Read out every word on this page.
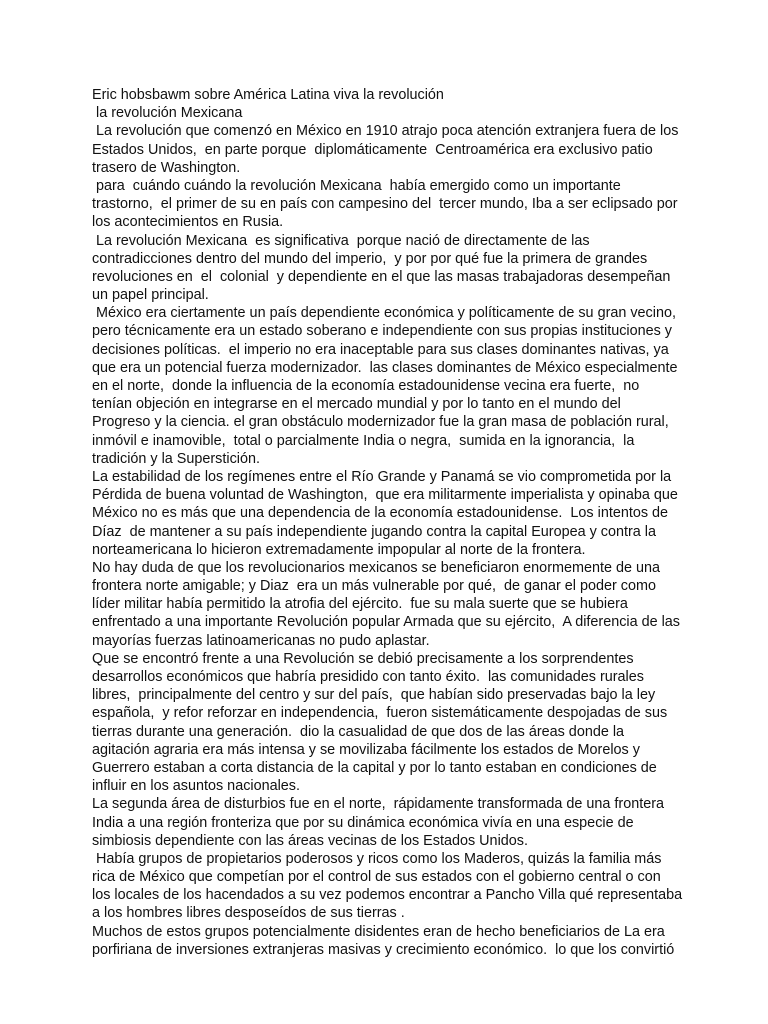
Eric hobsbawm sobre América Latina viva la revolución
la revolución Mexicana
La revolución que comenzó en México en 1910 atrajo poca atención extranjera fuera de los
Estados Unidos,  en parte porque  diplomáticamente  Centroamérica era exclusivo patio
trasero de Washington.
para  cuándo cuándo la revolución Mexicana  había emergido como un importante
trastorno,  el primer de su en país con campesino del  tercer mundo, Iba a ser eclipsado por
los acontecimientos en Rusia.
La revolución Mexicana  es significativa  porque nació de directamente de las
contradicciones dentro del mundo del imperio,  y por por qué fue la primera de grandes
revoluciones en  el  colonial  y dependiente en el que las masas trabajadoras desempeñan
un papel principal.
México era ciertamente un país dependiente económica y políticamente de su gran vecino,
pero técnicamente era un estado soberano e independiente con sus propias instituciones y
decisiones políticas.  el imperio no era inaceptable para sus clases dominantes nativas, ya
que era un potencial fuerza modernizador.  las clases dominantes de México especialmente
en el norte,  donde la influencia de la economía estadounidense vecina era fuerte,  no
tenían objeción en integrarse en el mercado mundial y por lo tanto en el mundo del
Progreso y la ciencia. el gran obstáculo modernizador fue la gran masa de población rural,
inmóvil e inamovible,  total o parcialmente India o negra,  sumida en la ignorancia,  la
tradición y la Superstición.
La estabilidad de los regímenes entre el Río Grande y Panamá se vio comprometida por la
Pérdida de buena voluntad de Washington,  que era militarmente imperialista y opinaba que
México no es más que una dependencia de la economía estadounidense.  Los intentos de
Díaz  de mantener a su país independiente jugando contra la capital Europea y contra la
norteamericana lo hicieron extremadamente impopular al norte de la frontera.
No hay duda de que los revolucionarios mexicanos se beneficiaron enormemente de una
frontera norte amigable; y Diaz  era un más vulnerable por qué,  de ganar el poder como
líder militar había permitido la atrofia del ejército.  fue su mala suerte que se hubiera
enfrentado a una importante Revolución popular Armada que su ejército,  A diferencia de las
mayorías fuerzas latinoamericanas no pudo aplastar.
Que se encontró frente a una Revolución se debió precisamente a los sorprendentes
desarrollos económicos que habría presidido con tanto éxito.  las comunidades rurales
libres,  principalmente del centro y sur del país,  que habían sido preservadas bajo la ley
española,  y refor reforzar en independencia,  fueron sistemáticamente despojadas de sus
tierras durante una generación.  dio la casualidad de que dos de las áreas donde la
agitación agraria era más intensa y se movilizaba fácilmente los estados de Morelos y
Guerrero estaban a corta distancia de la capital y por lo tanto estaban en condiciones de
influir en los asuntos nacionales.
La segunda área de disturbios fue en el norte,  rápidamente transformada de una frontera
India a una región fronteriza que por su dinámica económica vivía en una especie de
simbiosis dependiente con las áreas vecinas de los Estados Unidos.
Había grupos de propietarios poderosos y ricos como los Maderos, quizás la familia más
rica de México que competían por el control de sus estados con el gobierno central o con
los locales de los hacendados a su vez podemos encontrar a Pancho Villa qué representaba
a los hombres libres desposeídos de sus tierras .
Muchos de estos grupos potencialmente disidentes eran de hecho beneficiarios de La era
porfiriana de inversiones extranjeras masivas y crecimiento económico.  lo que los convirtió
